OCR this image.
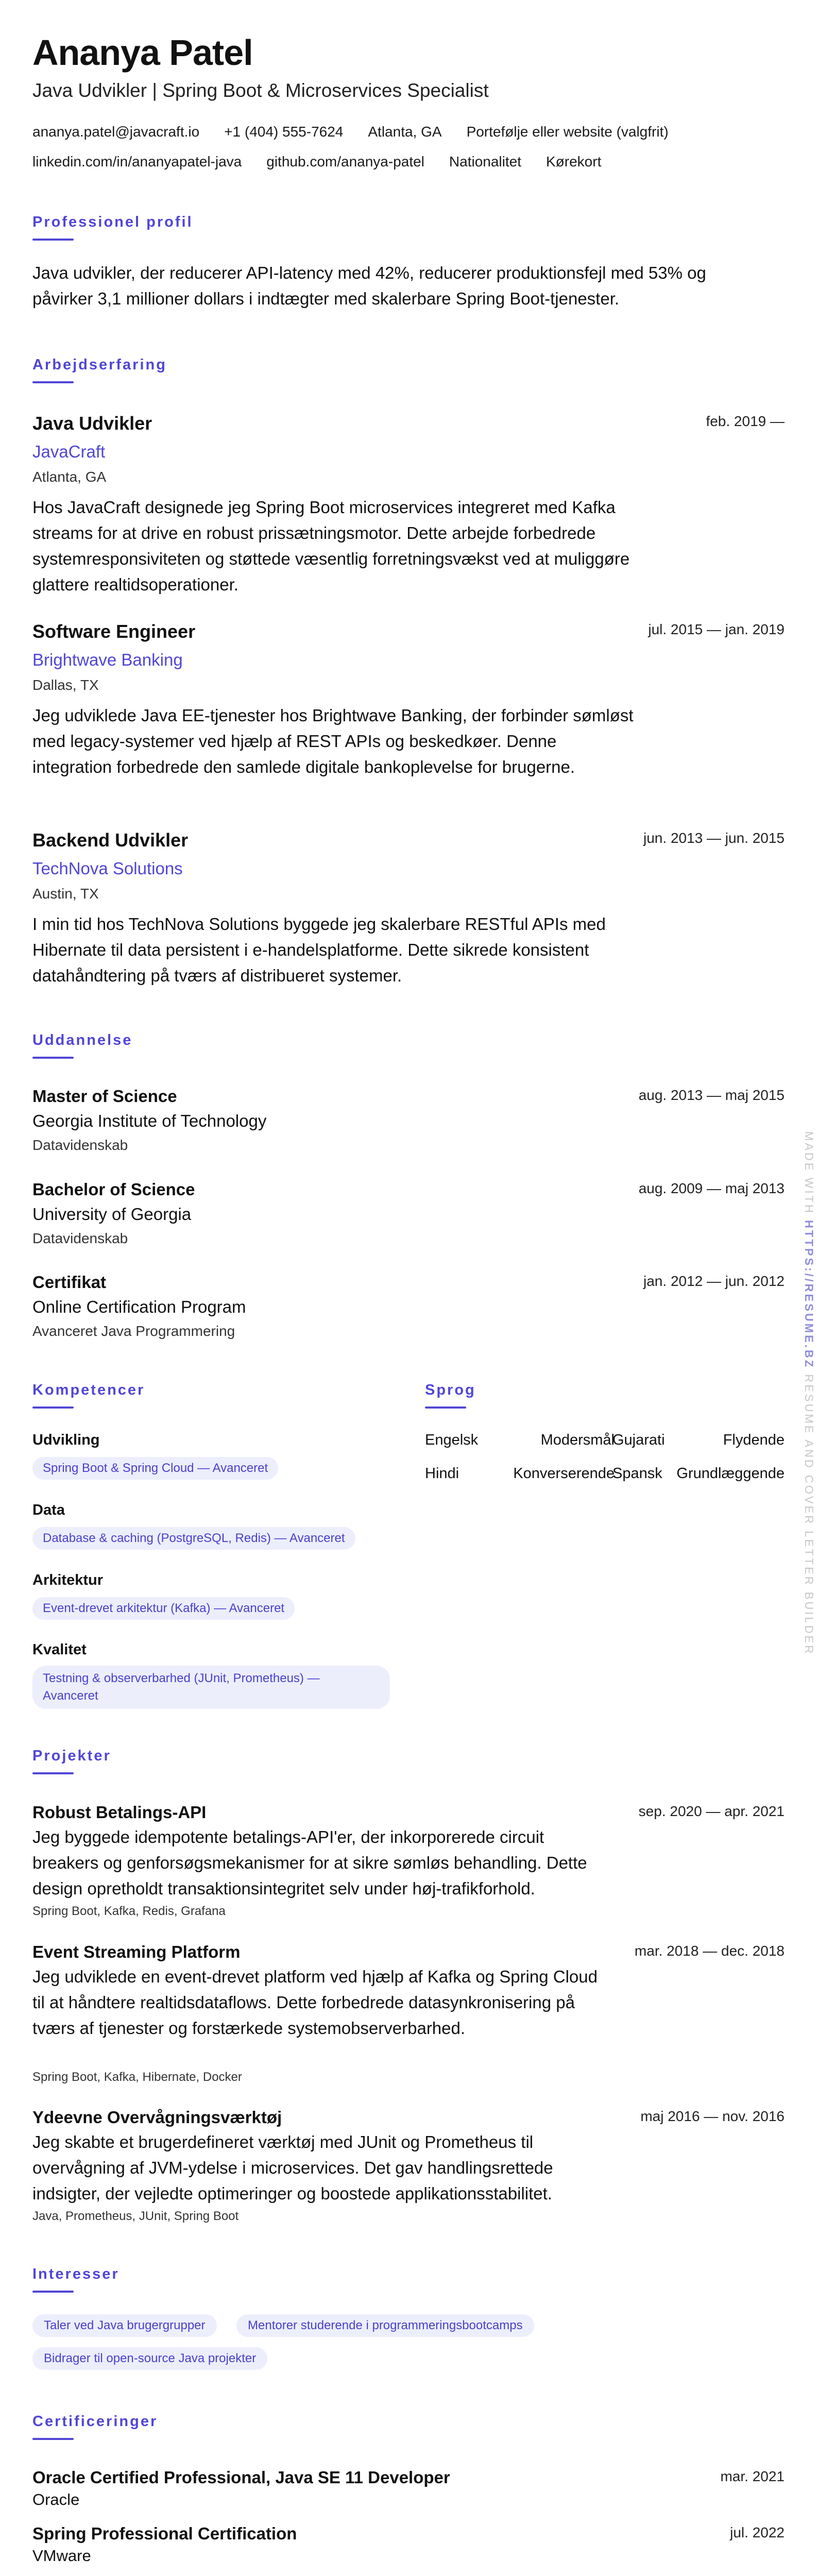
Ananya Patel
Java Udvikler | Spring Boot & Microservices Specialist
ananya.patel@javacraft.io +1 (404) 555-7624 Atlanta, GA Portefølje eller website (valgfrit)
linkedin.com/in/ananyapatel-java github.com/ananya-patel Nationalitet Kørekort
Professionel profil
Java udvikler, der reducerer API-latency med 42%, reducerer produktionsfejl med 53% og påvirker 3,1 millioner dollars i indtægter med skalerbare Spring Boot-tjenester.
Arbejdserfaring
Java Udvikler	feb. 2019 —
JavaCraft
Atlanta, GA
Hos JavaCraft designede jeg Spring Boot microservices integreret med Kafka streams for at drive en robust prissætningsmotor. Dette arbejde forbedrede systemresponsiviteten og støttede væsentlig forretningsvækst ved at muliggøre glattere realtidsoperationer.
Software Engineer	jul. 2015 — jan. 2019
Brightwave Banking
Dallas, TX
Jeg udviklede Java EE-tjenester hos Brightwave Banking, der forbinder sømløst med legacy-systemer ved hjælp af REST APIs og beskedkøer. Denne integration forbedrede den samlede digitale bankoplevelse for brugerne.
Backend Udvikler	jun. 2013 — jun. 2015
TechNova Solutions
Austin, TX
I min tid hos TechNova Solutions byggede jeg skalerbare RESTful APIs med Hibernate til data persistent i e-handelsplatforme. Dette sikrede konsistent datahåndtering på tværs af distribueret systemer.
Uddannelse
Master of Science	aug. 2013 — maj 2015
Georgia Institute of Technology
Datavidenskab
Bachelor of Science	aug. 2009 — maj 2013
University of Georgia
Datavidenskab
Certifikat	jan. 2012 — jun. 2012
Online Certification Program
Avanceret Java Programmering
Kompetencer
Udvikling
Spring Boot & Spring Cloud — Avanceret
Data
Database & caching (PostgreSQL, Redis) — Avanceret
Arkitektur
Event-drevet arkitektur (Kafka) — Avanceret
Kvalitet
Testning & observerbarhed (JUnit, Prometheus) —
Avanceret
Sprog
Engelsk	Modersmål
Gujarati	Flydende
Hindi	Konverserende
Spansk Grundlæggende
Projekter
Robust Betalings-API	sep. 2020 — apr. 2021
Jeg byggede idempotente betalings-API'er, der inkorporerede circuit breakers og genforsøgsmekanismer for at sikre sømløs behandling. Dette design opretholdt transaktionsintegritet selv under høj-trafikforhold.
Spring Boot, Kafka, Redis, Grafana
Event Streaming Platform	mar. 2018 — dec. 2018
Jeg udviklede en event-drevet platform ved hjælp af Kafka og Spring Cloud til at håndtere realtidsdataflows. Dette forbedrede datasynkronisering på tværs af tjenester og forstærkede systemobserverbarhed.
Spring Boot, Kafka, Hibernate, Docker
Ydeevne Overvågningsværktøj	maj 2016 — nov. 2016
Jeg skabte et brugerdefineret værktøj med JUnit og Prometheus til overvågning af JVM-ydelse i microservices. Det gav handlingsrettede indsigter, der vejledte optimeringer og boostede applikationsstabilitet.
Java, Prometheus, JUnit, Spring Boot
Interesser
Taler ved Java brugergrupper	Mentorer studerende i programmeringsbootcamps
Bidrager til open-source Java projekter
Certificeringer
Oracle Certified Professional, Java SE 11 Developer	mar. 2021
Oracle
Spring Professional Certification	jul. 2022
VMware
MADE WITH HTTPS://RESUME.BZ RESUME AND COVER LETTER BUILDER
